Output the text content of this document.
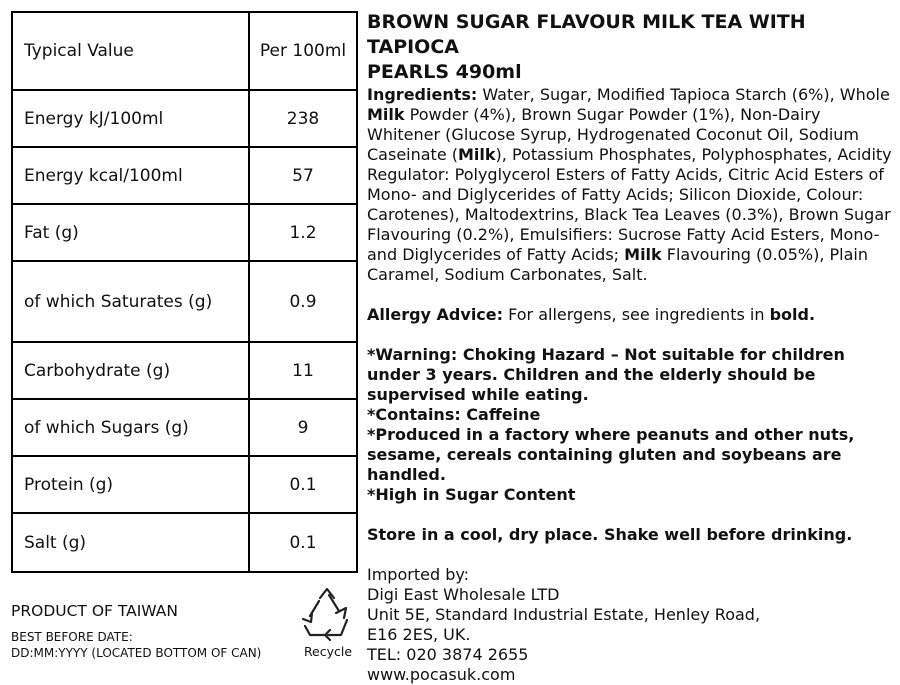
Typical Value	Per 100ml
Energy kJ/100ml	238
Energy kcal/100ml	57
Fat (g)	1.2
of which Saturates (g)	0.9
Carbohydrate (g)	11
of which Sugars (g)	9
Protein (g)	0.1
Salt (g)	0.1
PRODUCT OF TAIWAN
BEST BEFORE DATE:
DD:MM:YYYY (LOCATED BOTTOM OF CAN)	Recycle
BROWN SUGAR FLAVOUR MILK TEA WITH TAPIOCA
PEARLS 490ml
Ingredients: Water, Sugar, Modified Tapioca Starch (6%), Whole Milk Powder (4%), Brown Sugar Powder (1%), Non-Dairy Whitener (Glucose Syrup, Hydrogenated Coconut Oil, Sodium Caseinate (Milk), Potassium Phosphates, Polyphosphates, Acidity Regulator: Polyglycerol Esters of Fatty Acids, Citric Acid Esters of Mono- and Diglycerides of Fatty Acids; Silicon Dioxide, Colour: Carotenes), Maltodextrins, Black Tea Leaves (0.3%), Brown Sugar Flavouring (0.2%), Emulsifiers: Sucrose Fatty Acid Esters, Mono- and Diglycerides of Fatty Acids; Milk Flavouring (0.05%), Plain Caramel, Sodium Carbonates, Salt.
Allergy Advice: For allergens, see ingredients in bold.
*Warning: Choking Hazard – Not suitable for children under 3 years. Children and the elderly should be supervised while eating.
*Contains: Caffeine
*Produced in a factory where peanuts and other nuts, sesame, cereals containing gluten and soybeans are handled.
*High in Sugar Content
Store in a cool, dry place. Shake well before drinking.
Imported by:
Digi East Wholesale LTD
Unit 5E, Standard Industrial Estate, Henley Road,
E16 2ES, UK.
TEL: 020 3874 2655
www.pocasuk.com
